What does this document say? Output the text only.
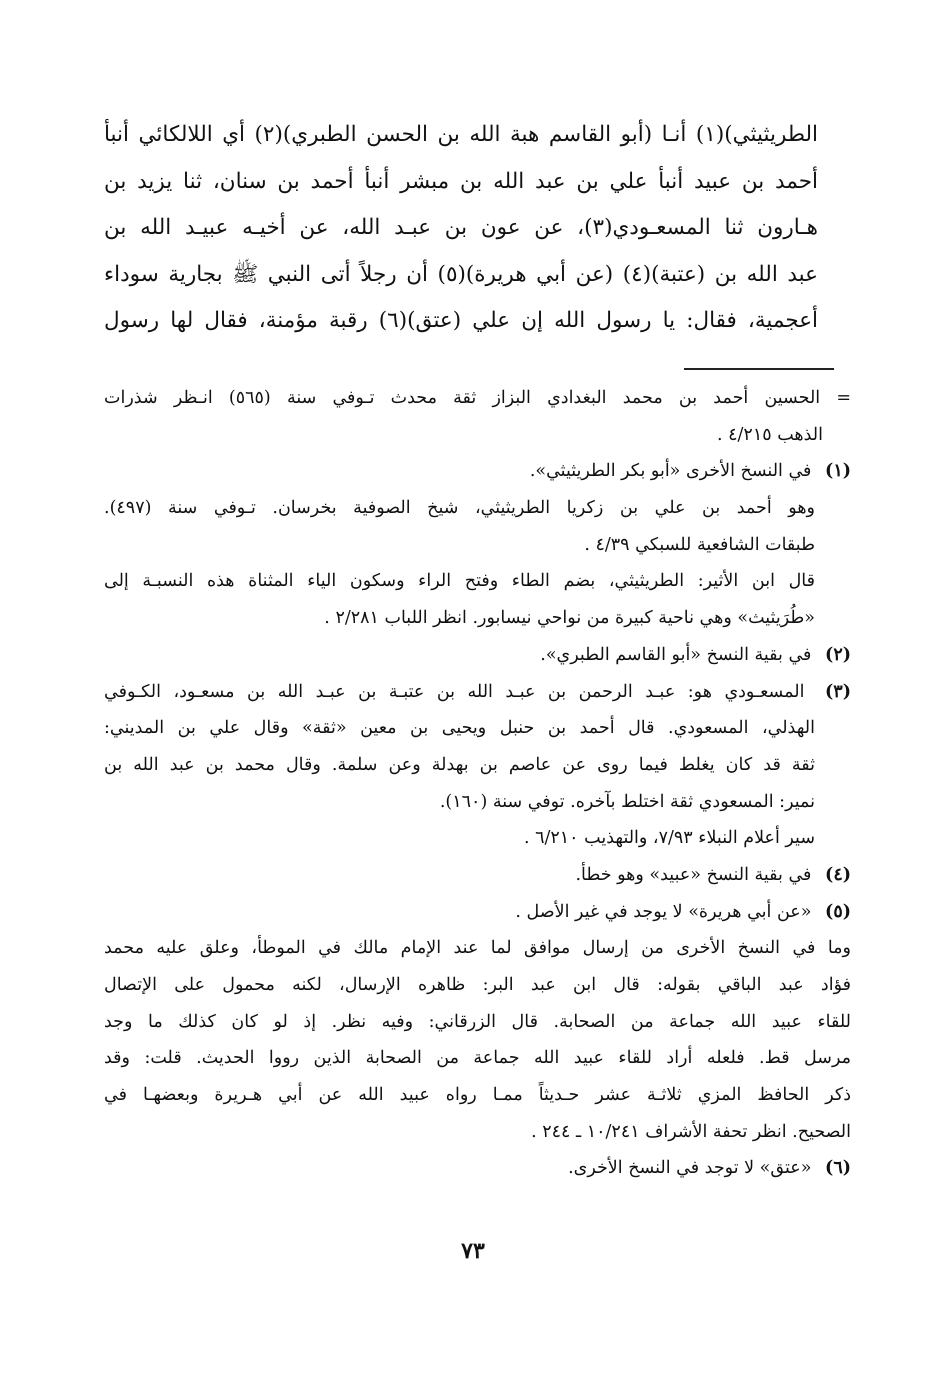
الطريثيثي)(١) أنـا (أبو القاسم هبة الله بن الحسن الطبري)(٢) أي اللالكائي أنبأ
أحمد بن عبيد أنبأ علي بن عبد الله بن مبشر أنبأ أحمد بن سنان، ثنا يزيد بن
هـارون ثنا المسعـودي(٣)، عن عون بن عبـد الله، عن أخيـه عبيـد الله بن
عبد الله بن (عتبة)(٤) (عن أبي هريرة)(٥) أن رجلاً أتى النبي ﷺ بجارية سوداء
أعجمية، فقال: يا رسول الله إن علي (عتق)(٦) رقبة مؤمنة، فقال لها رسول
= الحسين أحمد بن محمد البغدادي البزاز ثقة محدث تـوفي سنة (٥٦٥) انـظر شذرات
الذهب ٤/٢١٥ .
(١) في النسخ الأخرى «أبو بكر الطريثيثي».
وهو أحمد بن علي بن زكريا الطريثيثي، شيخ الصوفية بخرسان. تـوفي سنة (٤٩٧).
طبقات الشافعية للسبكي ٤/٣٩ .
قال ابن الأثير: الطريثيثي، بضم الطاء وفتح الراء وسكون الياء المثناة هذه النسبـة إلى
«طُرَيثيث» وهي ناحية كبيرة من نواحي نيسابور. انظر اللباب ٢/٢٨١ .
(٢) في بقية النسخ «أبو القاسم الطبري».
(٣) المسعـودي هو: عبـد الرحمن بن عبـد الله بن عتبـة بن عبـد الله بن مسعـود، الكـوفي
الهذلي، المسعودي. قال أحمد بن حنبل ويحيى بن معين «ثقة» وقال علي بن المديني:
ثقة قد كان يغلط فيما روى عن عاصم بن بهدلة وعن سلمة. وقال محمد بن عبد الله بن
نمير: المسعودي ثقة اختلط بآخره. توفي سنة (١٦٠).
سير أعلام النبلاء ٧/٩٣، والتهذيب ٦/٢١٠ .
(٤) في بقية النسخ «عبيد» وهو خطأ.
(٥) «عن أبي هريرة» لا يوجد في غير الأصل .
وما في النسخ الأخرى من إرسال موافق لما عند الإمام مالك في الموطأ، وعلق عليه محمد
فؤاد عبد الباقي بقوله: قال ابن عبد البر: ظاهره الإرسال، لكنه محمول على الإتصال
للقاء عبيد الله جماعة من الصحابة. قال الزرقاني: وفيه نظر. إذ لو كان كذلك ما وجد
مرسل قط. فلعله أراد للقاء عبيد الله جماعة من الصحابة الذين رووا الحديث. قلت: وقد
ذكر الحافظ المزي ثلاثـة عشر حـديثاً ممـا رواه عبيد الله عن أبي هـريرة وبعضهـا في
الصحيح. انظر تحفة الأشراف ١٠/٢٤١ ـ ٢٤٤ .
(٦) «عتق» لا توجد في النسخ الأخرى.
٧٣
